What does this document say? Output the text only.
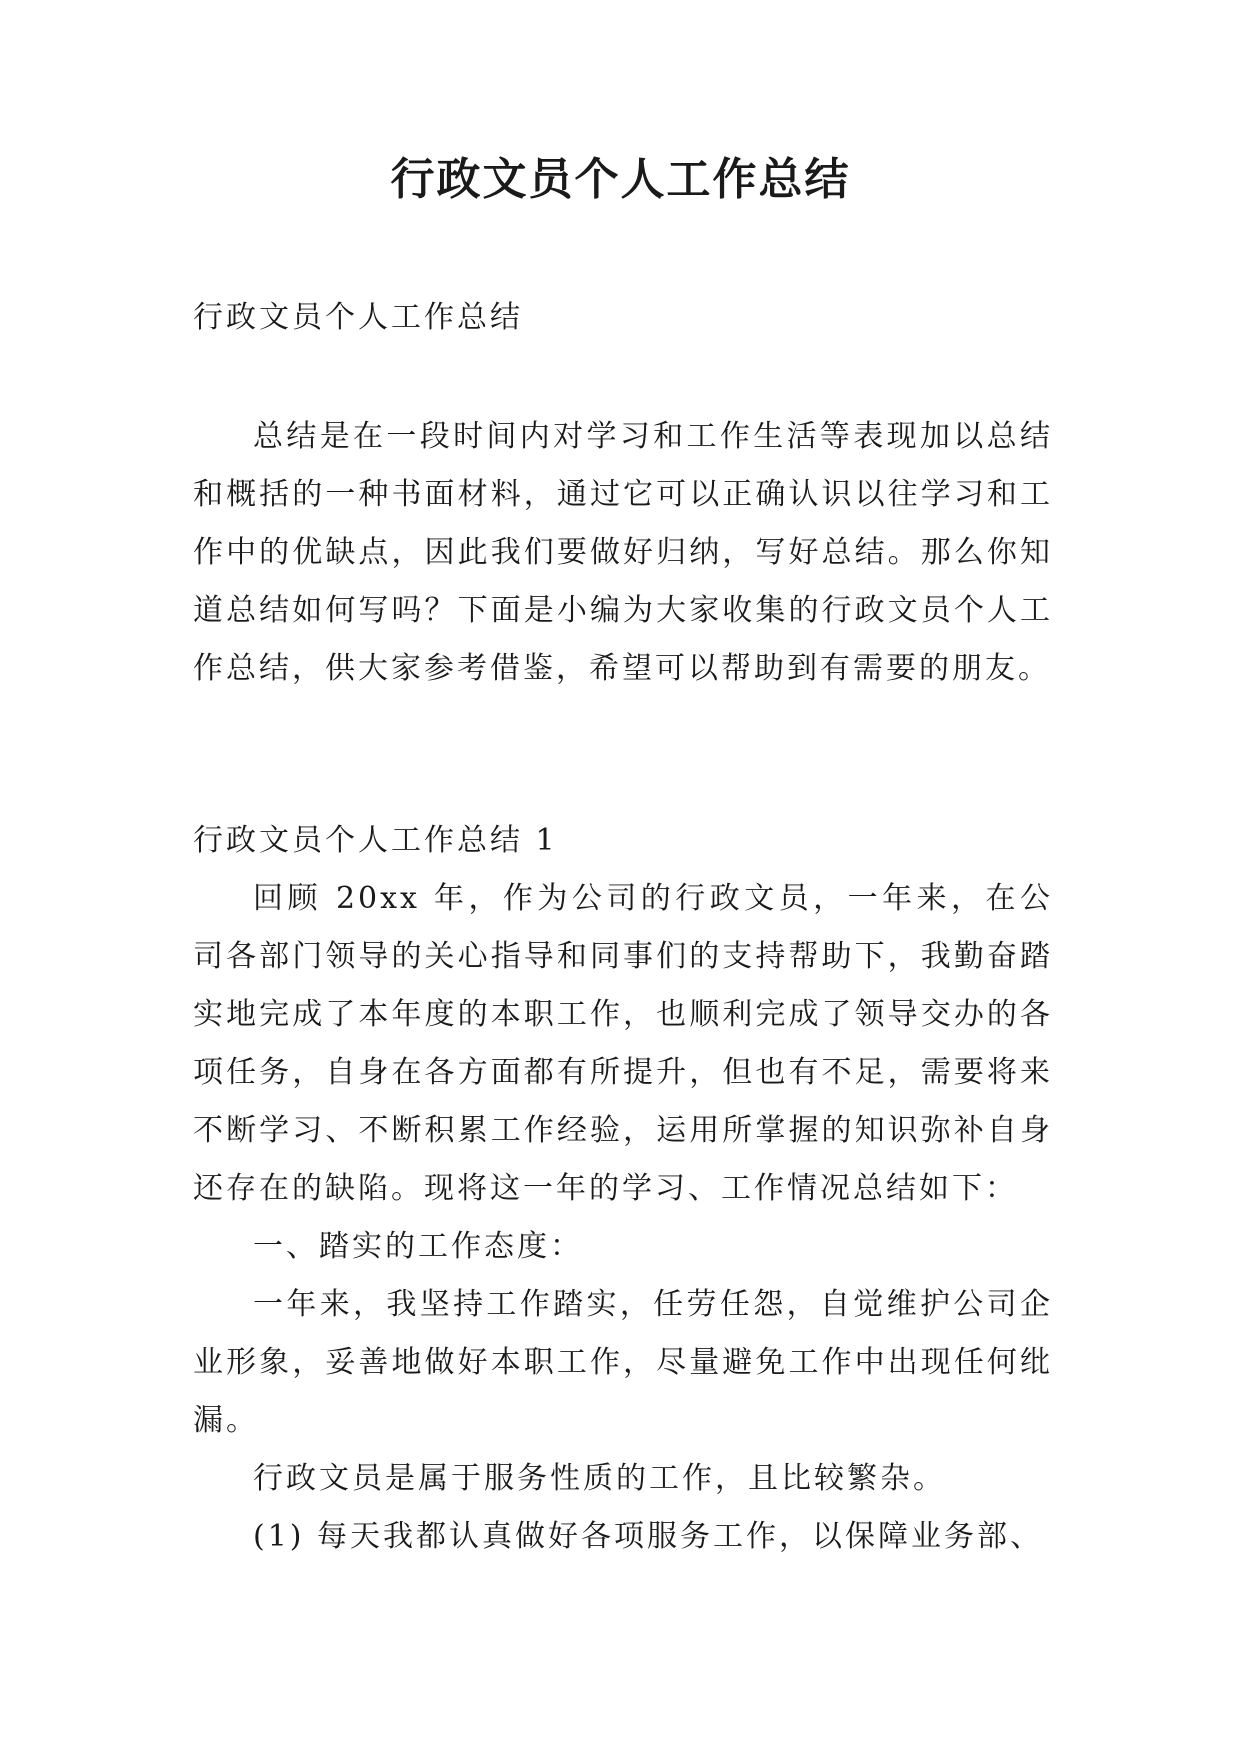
行政文员个人工作总结

行政文员个人工作总结

总结是在一段时间内对学习和工作生活等表现加以总结和概括的一种书面材料，通过它可以正确认识以往学习和工作中的优缺点，因此我们要做好归纳，写好总结。那么你知道总结如何写吗？下面是小编为大家收集的行政文员个人工作总结，供大家参考借鉴，希望可以帮助到有需要的朋友。

行政文员个人工作总结 1

回顾 20xx 年，作为公司的行政文员，一年来，在公司各部门领导的关心指导和同事们的支持帮助下，我勤奋踏实地完成了本年度的本职工作，也顺利完成了领导交办的各项任务，自身在各方面都有所提升，但也有不足，需要将来不断学习、不断积累工作经验，运用所掌握的知识弥补自身还存在的缺陷。现将这一年的学习、工作情况总结如下：

一、踏实的工作态度：

一年来，我坚持工作踏实，任劳任怨，自觉维护公司企业形象，妥善地做好本职工作，尽量避免工作中出现任何纰漏。

行政文员是属于服务性质的工作，且比较繁杂。

(1) 每天我都认真做好各项服务工作，以保障业务部、
